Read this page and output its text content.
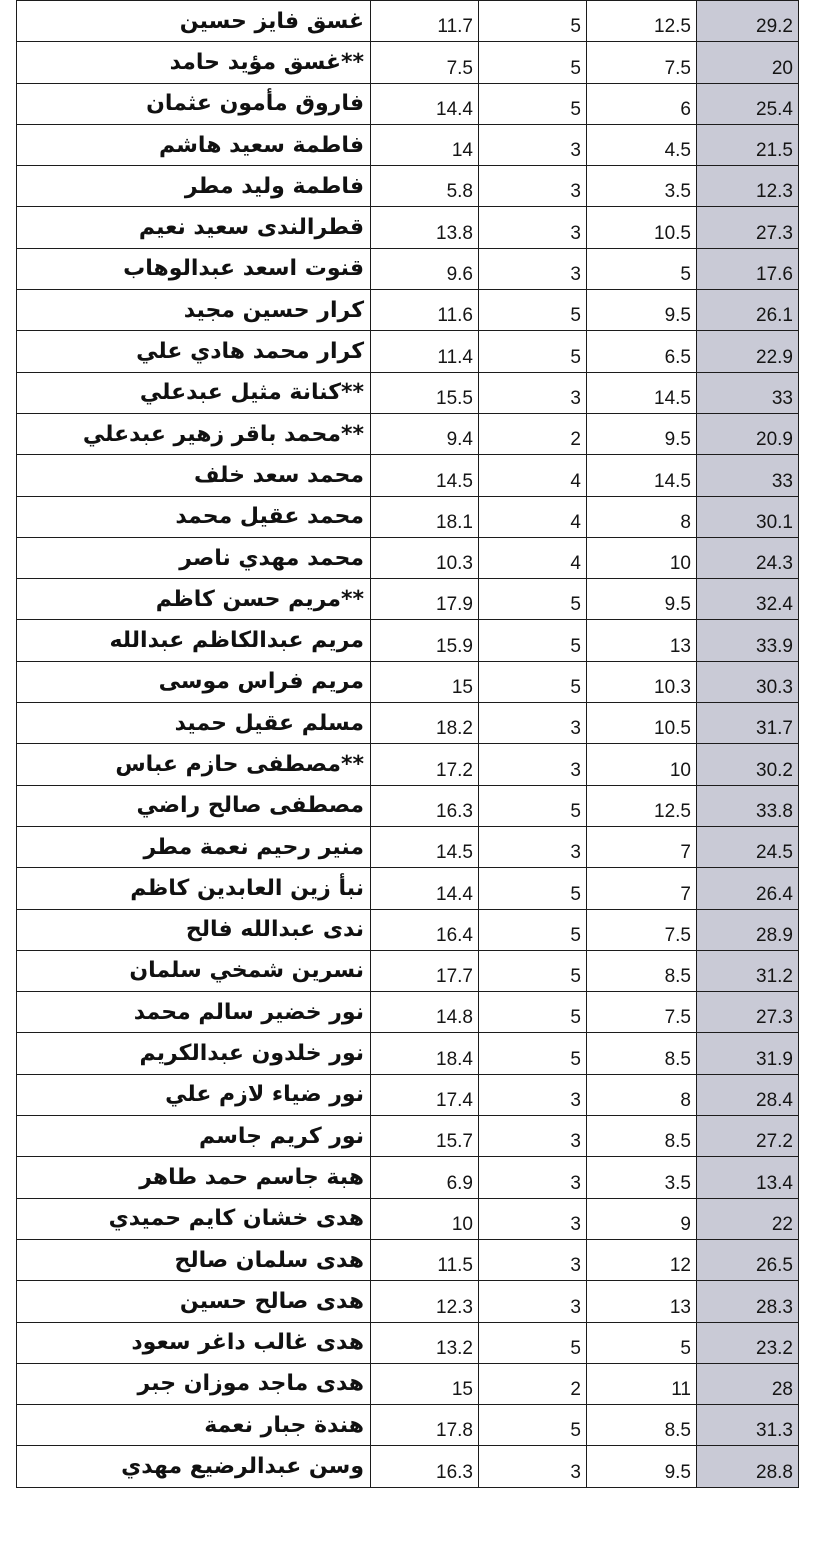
غسق فايز حسين	11.7	5	12.5	29.2
**غسق مؤيد حامد	7.5	5	7.5	20
فاروق مأمون عثمان	14.4	5	6	25.4
فاطمة سعيد هاشم	14	3	4.5	21.5
فاطمة وليد مطر	5.8	3	3.5	12.3
قطرالندى سعيد نعيم	13.8	3	10.5	27.3
قنوت اسعد عبدالوهاب	9.6	3	5	17.6
كرار حسين مجيد	11.6	5	9.5	26.1
كرار محمد هادي علي	11.4	5	6.5	22.9
**كنانة مثيل عبدعلي	15.5	3	14.5	33
**محمد باقر زهير عبدعلي	9.4	2	9.5	20.9
محمد سعد خلف	14.5	4	14.5	33
محمد عقيل محمد	18.1	4	8	30.1
محمد مهدي ناصر	10.3	4	10	24.3
**مريم حسن كاظم	17.9	5	9.5	32.4
مريم عبدالكاظم عبدالله	15.9	5	13	33.9
مريم فراس موسى	15	5	10.3	30.3
مسلم عقيل حميد	18.2	3	10.5	31.7
**مصطفى حازم عباس	17.2	3	10	30.2
مصطفى صالح راضي	16.3	5	12.5	33.8
منير رحيم نعمة مطر	14.5	3	7	24.5
نبأ زين العابدين كاظم	14.4	5	7	26.4
ندى عبدالله فالح	16.4	5	7.5	28.9
نسرين شمخي سلمان	17.7	5	8.5	31.2
نور خضير سالم محمد	14.8	5	7.5	27.3
نور خلدون عبدالكريم	18.4	5	8.5	31.9
نور ضياء لازم علي	17.4	3	8	28.4
نور كريم جاسم	15.7	3	8.5	27.2
هبة جاسم حمد طاهر	6.9	3	3.5	13.4
هدى خشان كايم حميدي	10	3	9	22
هدى سلمان صالح	11.5	3	12	26.5
هدى صالح حسين	12.3	3	13	28.3
هدى غالب داغر سعود	13.2	5	5	23.2
هدى ماجد موزان جبر	15	2	11	28
هندة جبار نعمة	17.8	5	8.5	31.3
وسن عبدالرضيع مهدي	16.3	3	9.5	28.8
